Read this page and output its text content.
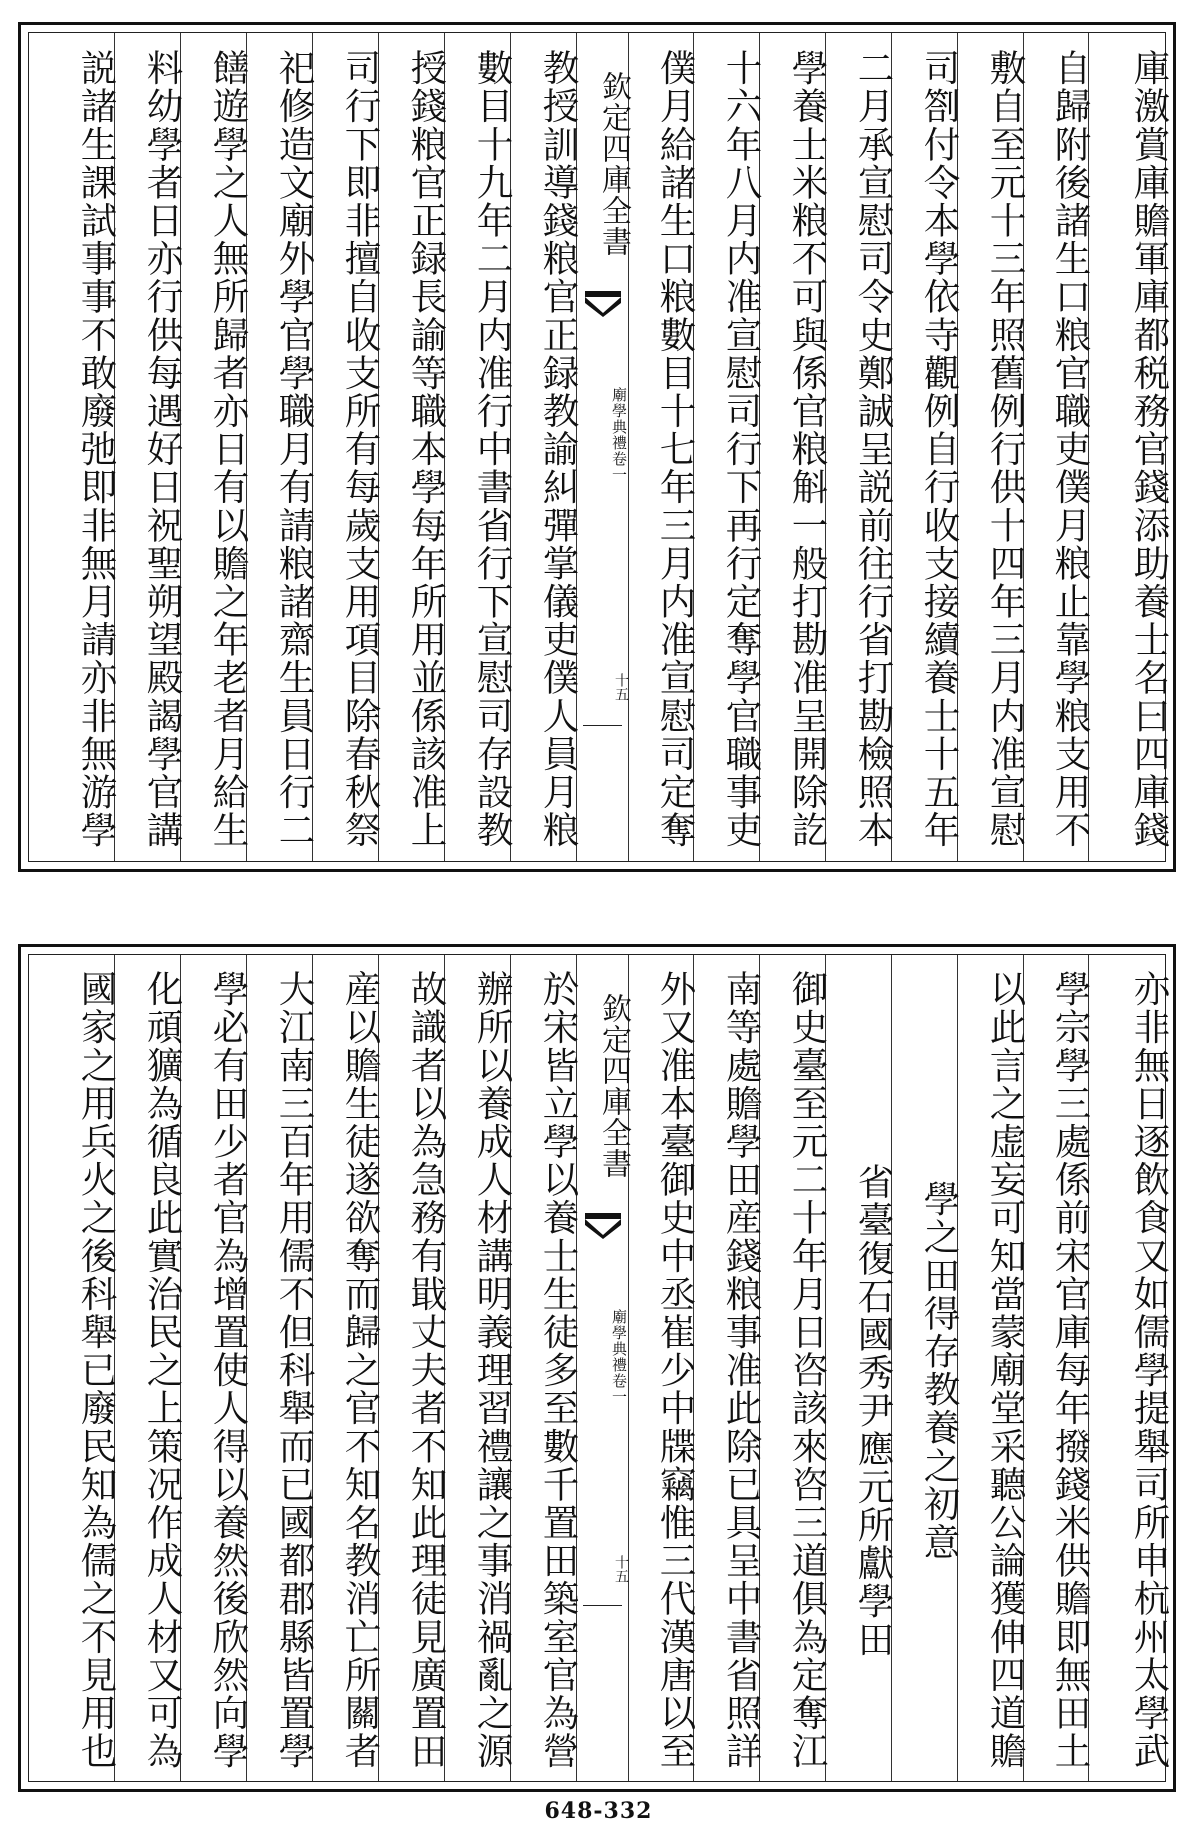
庫激賞庫贍軍庫都税務官錢添助養士名曰四庫錢
自歸附後諸生口粮官職吏僕月粮止靠學粮支用不
敷自至元十三年照舊例行供十四年三月内准宣慰
司劄付令本學依寺觀例自行收支接續養士十五年
二月承宣慰司令史鄭誠呈説前往行省打勘檢照本
學養士米粮不可與係官粮斛一般打勘准呈開除訖
十六年八月内准宣慰司行下再行定奪學官職事吏
僕月給諸生口粮數目十七年三月内准宣慰司定奪
欽定四庫全書
廟學典禮
卷一
十五
教授訓導錢粮官正録教諭糾彈掌儀吏僕人員月粮
數目十九年二月内准行中書省行下宣慰司存設教
授錢粮官正録長諭等職本學每年所用並係該准上
司行下即非擅自收支所有每歲支用項目除春秋祭
祀修造文廟外學官學職月有請粮諸齋生員日行二
饍遊學之人無所歸者亦日有以贍之年老者月給生
料幼學者日亦行供每遇好日祝聖朔望殿謁學官講
説諸生課試事事不敢廢弛即非無月請亦非無游學
亦非無日逐飲食又如儒學提舉司所申杭州太學武
學宗學三處係前宋官庫每年撥錢米供贍即無田土
以此言之虚妄可知當蒙廟堂采聽公論獲伸四道贍
學之田得存教養之初意
省臺復石國秀尹應元所獻學田
御史臺至元二十年月日咨該來咨三道俱為定奪江
南等處贍學田産錢粮事准此除已具呈中書省照詳
外又准本臺御史中丞崔少中牒竊惟三代漢唐以至
欽定四庫全書
廟學典禮
卷一
十五
於宋皆立學以養士生徒多至數千置田築室官為營
辦所以養成人材講明義理習禮讓之事消禍亂之源
故識者以為急務有戢丈夫者不知此理徒見廣置田
産以贍生徒遂欲奪而歸之官不知名教消亡所關者
大江南三百年用儒不但科舉而已國都郡縣皆置學
學必有田少者官為增置使人得以養然後欣然向學
化頑獷為循良此實治民之上策况作成人材又可為
國家之用兵火之後科舉已廢民知為儒之不見用也
648-332
